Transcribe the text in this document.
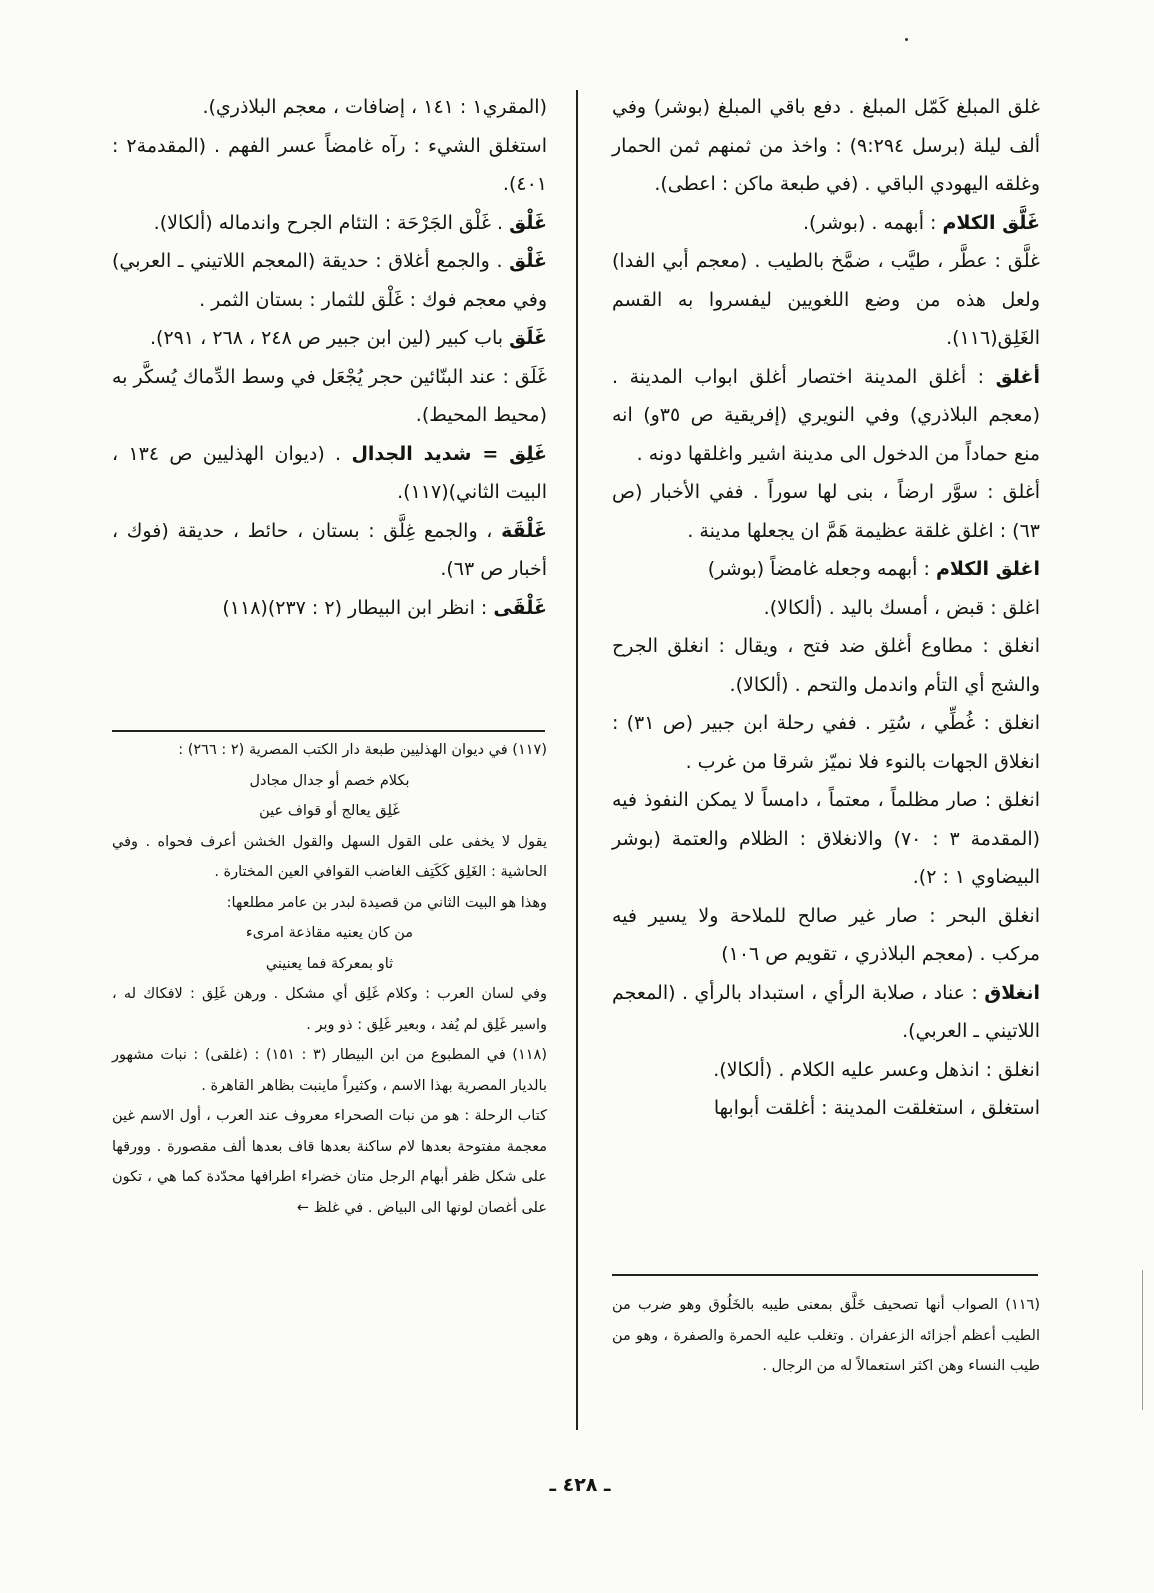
غلق المبلغ كَمّل المبلغ . دفع باقي المبلغ (بوشر) وفي ألف ليلة (برسل ٩:٢٩٤) : واخذ من ثمنهم ثمن الحمار وغلقه اليهودي الباقي . (في طبعة ماكن : اعطى).

غَلَّق الكلام : أبهمه . (بوشر).

غلَّق : عطَّر ، طيَّب ، ضمَّخ بالطيب . (معجم أبي الفدا) ولعل هذه من وضع اللغويين ليفسروا به القسم الغَلِق(١١٦).

أغلق : أغلق المدينة اختصار أغلق ابواب المدينة . (معجم البلاذري) وفي النويري (إفريقية ص ٣٥و) انه منع حماداً من الدخول الى مدينة اشير واغلقها دونه .

أغلق : سوَّر ارضاً ، بنى لها سوراً . ففي الأخبار (ص ٦٣) : اغلق غلقة عظيمة هَمَّ ان يجعلها مدينة .

اغلق الكلام : أبهمه وجعله غامضاً (بوشر)

اغلق : قبض ، أمسك باليد . (ألكالا).

انغلق : مطاوع أغلق ضد فتح ، ويقال : انغلق الجرح والشج أي التأم واندمل والتحم . (ألكالا).

انغلق : غُطِّي ، سُتِر . ففي رحلة ابن جبير (ص ٣١) : انغلاق الجهات بالنوء فلا نميّز شرقا من غرب .

انغلق : صار مظلماً ، معتماً ، دامساً لا يمكن النفوذ فيه (المقدمة ٣ : ٧٠) والانغلاق : الظلام والعتمة (بوشر البيضاوي ١ : ٢).

انغلق البحر : صار غير صالح للملاحة ولا يسير فيه مركب . (معجم البلاذري ، تقويم ص ١٠٦)

انغلاق : عناد ، صلابة الرأي ، استبداد بالرأي . (المعجم اللاتيني ـ العربي).

انغلق : انذهل وعسر عليه الكلام . (ألكالا).

استغلق ، استغلقت المدينة : أغلقت أبوابها

(المقري١ : ١٤١ ، إضافات ، معجم البلاذري).

استغلق الشيء : رآه غامضاً عسر الفهم . (المقدمة٢ : ٤٠١).

غَلْق . غَلْق الجَرْحَة : التئام الجرح واندماله (ألكالا).

غَلْق . والجمع أغلاق : حديقة (المعجم اللاتيني ـ العربي) وفي معجم فوك : غَلْق للثمار : بستان الثمر .

غَلَق باب كبير (لين ابن جبير ص ٢٤٨ ، ٢٦٨ ، ٢٩١).

غَلَق : عند البنّائين حجر يُجْعَل في وسط الدِّماك يُسكَّر به (محيط المحيط).

غَلِق = شديد الجدال . (ديوان الهذليين ص ١٣٤ ، البيت الثاني)(١١٧).

غَلْقَة ، والجمع غِلَّق : بستان ، حائط ، حديقة (فوك ، أخبار ص ٦٣).

غَلْقَى : انظر ابن البيطار (٢ : ٢٣٧)(١١٨)

(١١٧) في ديوان الهذليين طبعة دار الكتب المصرية (٢ : ٢٦٦) :

بكلام خصم أو جدال مجادل

غَلِق يعالج أو قواف عين

يقول لا يخفى على القول السهل والقول الخشن أعرف فحواه . وفي الحاشية : الغَلِق كَكَتِف الغاضب القوافي العين المختارة .

وهذا هو البيت الثاني من قصيدة لبدر بن عامر مطلعها:

من كان يعنيه مقاذعة امرىء

ثاو بمعركة فما يعنيني

وفي لسان العرب : وكلام غَلِق أي مشكل . ورهن غَلِق : لافكاك له ، واسير غَلِق لم يُفد ، وبعير غَلِق : ذو وبر .

(١١٨) في المطبوع من ابن البيطار (٣ : ١٥١) : (غلقى) : نبات مشهور بالديار المصرية بهذا الاسم ، وكثيراً ماينبت بظاهر القاهرة .

كتاب الرحلة : هو من نبات الصحراء معروف عند العرب ، أول الاسم غين معجمة مفتوحة بعدها لام ساكنة بعدها قاف بعدها ألف مقصورة . وورقها على شكل ظفر أبهام الرجل متان خضراء اطرافها محدّدة كما هي ، تكون على أغصان لونها الى البياض . في غلظ ←

(١١٦) الصواب أنها تصحيف خَلَّق بمعنى طيبه بالخَلُوق وهو ضرب من الطيب أعظم أجزائه الزعفران . وتغلب عليه الحمرة والصفرة ، وهو من طيب النساء وهن اكثر استعمالاً له من الرجال .

ـ ٤٢٨ ـ
